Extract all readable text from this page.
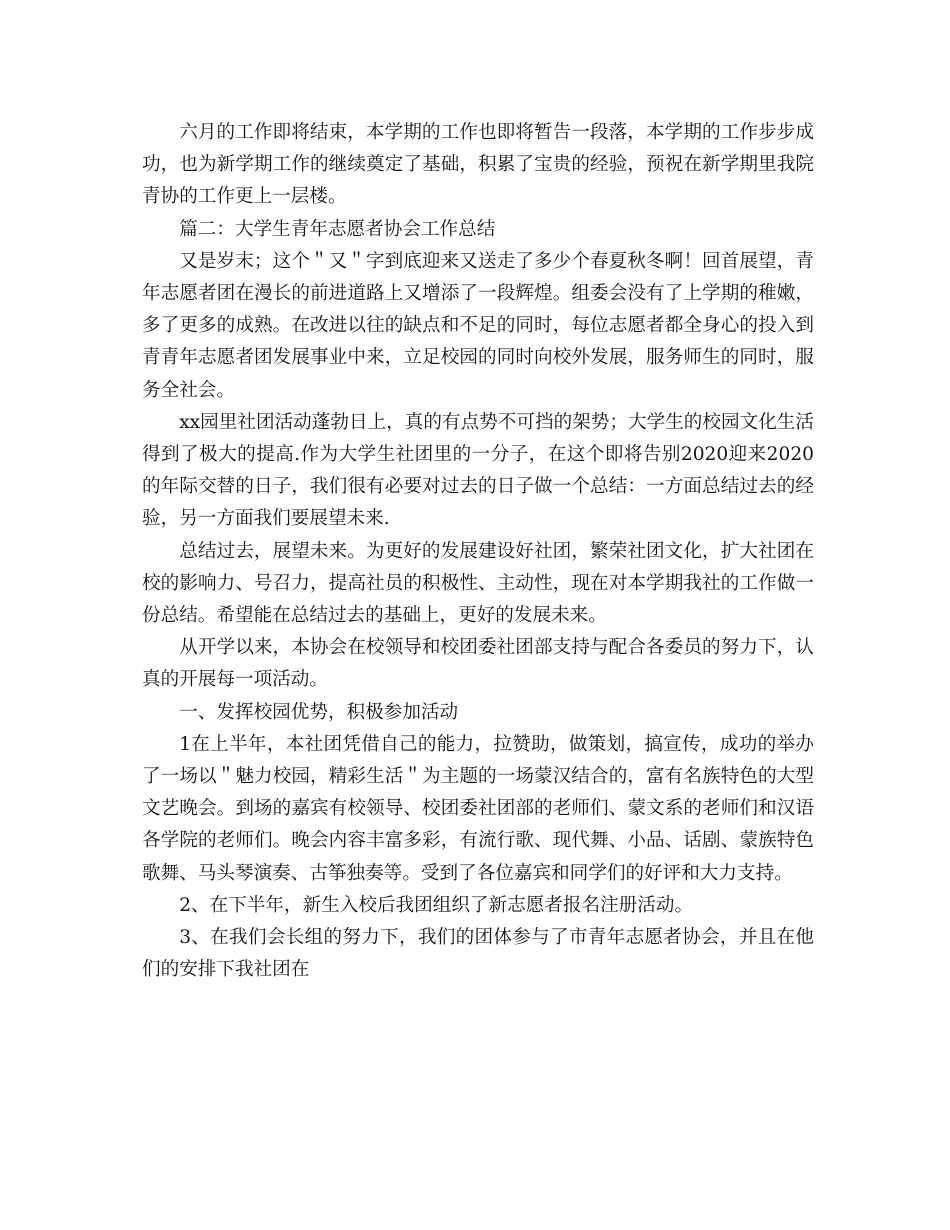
六月的工作即将结束，本学期的工作也即将暂告一段落，本学期的工作步步成功，也为新学期工作的继续奠定了基础，积累了宝贵的经验，预祝在新学期里我院青协的工作更上一层楼。

篇二：大学生青年志愿者协会工作总结

又是岁末；这个＂又＂字到底迎来又送走了多少个春夏秋冬啊！回首展望，青年志愿者团在漫长的前进道路上又增添了一段辉煌。组委会没有了上学期的稚嫩，多了更多的成熟。在改进以往的缺点和不足的同时，每位志愿者都全身心的投入到青青年志愿者团发展事业中来，立足校园的同时向校外发展，服务师生的同时，服务全社会。

xx园里社团活动蓬勃日上，真的有点势不可挡的架势；大学生的校园文化生活得到了极大的提高.作为大学生社团里的一分子，在这个即将告别2020迎来2020的年际交替的日子，我们很有必要对过去的日子做一个总结：一方面总结过去的经验，另一方面我们要展望未来.

总结过去，展望未来。为更好的发展建设好社团，繁荣社团文化，扩大社团在校的影响力、号召力，提高社员的积极性、主动性，现在对本学期我社的工作做一份总结。希望能在总结过去的基础上，更好的发展未来。

从开学以来，本协会在校领导和校团委社团部支持与配合各委员的努力下，认真的开展每一项活动。

一、发挥校园优势，积极参加活动

1在上半年，本社团凭借自己的能力，拉赞助，做策划，搞宣传，成功的举办了一场以＂魅力校园，精彩生活＂为主题的一场蒙汉结合的，富有名族特色的大型文艺晚会。到场的嘉宾有校领导、校团委社团部的老师们、蒙文系的老师们和汉语各学院的老师们。晚会内容丰富多彩，有流行歌、现代舞、小品、话剧、蒙族特色歌舞、马头琴演奏、古筝独奏等。受到了各位嘉宾和同学们的好评和大力支持。

2、在下半年，新生入校后我团组织了新志愿者报名注册活动。

3、在我们会长组的努力下，我们的团体参与了市青年志愿者协会，并且在他们的安排下我社团在
